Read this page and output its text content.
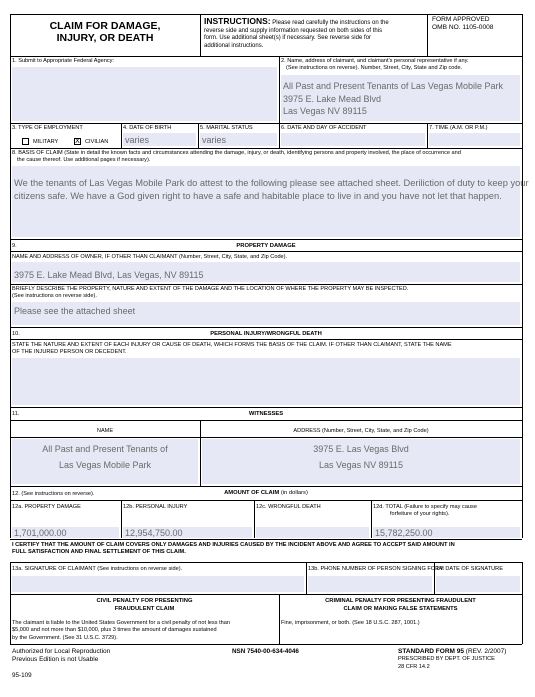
CLAIM FOR DAMAGE,
INJURY, OR DEATH
INSTRUCTIONS: Please read carefully the instructions on the
reverse side and supply information requested on both sides of this
form. Use additional sheet(s) if necessary. See reverse side for
additional instructions.
FORM APPROVED
OMB NO. 1105-0008
1. Submit to Appropriate Federal Agency:	2. Name, address of claimant, and claimant's personal representative if any.
(See instructions on reverse). Number, Street, City, State and Zip code.
All Past and Present Tenants of Las Vegas Mobile Park
3975 E. Lake Mead Blvd
Las Vegas NV 89115
3. TYPE OF EMPLOYMENT
MILITARY X CIVILIAN
4. DATE OF BIRTH
varies
5. MARITAL STATUS
varies
6. DATE AND DAY OF ACCIDENT	7. TIME (A.M. OR P.M.)
8. BASIS OF CLAIM (State in detail the known facts and circumstances attending the damage, injury, or death, identifying persons and property involved, the place of occurrence and
the cause thereof. Use additional pages if necessary).
We the tenants of Las Vegas Mobile Park do attest to the following please see attached sheet. Deriliction of duty to keep your
citizens safe. We have a God given right to have a safe and habitable place to live in and you have not let that happen.
9.	PROPERTY DAMAGE
NAME AND ADDRESS OF OWNER, IF OTHER THAN CLAIMANT (Number, Street, City, State, and Zip Code).
3975 E. Lake Mead Blvd, Las Vegas, NV 89115
BRIEFLY DESCRIBE THE PROPERTY, NATURE AND EXTENT OF THE DAMAGE AND THE LOCATION OF WHERE THE PROPERTY MAY BE INSPECTED.
(See instructions on reverse side).
Please see the attached sheet
10.	PERSONAL INJURY/WRONGFUL DEATH
STATE THE NATURE AND EXTENT OF EACH INJURY OR CAUSE OF DEATH, WHICH FORMS THE BASIS OF THE CLAIM. IF OTHER THAN CLAIMANT, STATE THE NAME
OF THE INJURED PERSON OR DECEDENT.
11.	WITNESSES
NAME	ADDRESS (Number, Street, City, State, and Zip Code)
All Past and Present Tenants of
Las Vegas Mobile Park
3975 E. Las Vegas Blvd
Las Vegas NV 89115
12. (See instructions on reverse).	AMOUNT OF CLAIM (in dollars)
12a. PROPERTY DAMAGE
1,701,000.00
12b. PERSONAL INJURY
12,954,750.00
12c. WRONGFUL DEATH	12d. TOTAL (Failure to specify may cause
forfeiture of your rights).
15,782,250.00
I CERTIFY THAT THE AMOUNT OF CLAIM COVERS ONLY DAMAGES AND INJURIES CAUSED BY THE INCIDENT ABOVE AND AGREE TO ACCEPT SAID AMOUNT IN
FULL SATISFACTION AND FINAL SETTLEMENT OF THIS CLAIM.
13a. SIGNATURE OF CLAIMANT (See instructions on reverse side).	13b. PHONE NUMBER OF PERSON SIGNING FORM
14. DATE OF SIGNATURE
CIVIL PENALTY FOR PRESENTING
FRAUDULENT CLAIM
The claimant is liable to the United States Government for a civil penalty of not less than
$5,000 and not more than $10,000, plus 3 times the amount of damages sustained
by the Government. (See 31 U.S.C. 3729).
CRIMINAL PENALTY FOR PRESENTING FRAUDULENT
CLAIM OR MAKING FALSE STATEMENTS
Fine, imprisonment, or both. (See 18 U.S.C. 287, 1001.)
Authorized for Local Reproduction
Previous Edition is not Usable
NSN 7540-00-634-4046	STANDARD FORM 95 (REV. 2/2007)
PRESCRIBED BY DEPT. OF JUSTICE
28 CFR 14.2
95-109
